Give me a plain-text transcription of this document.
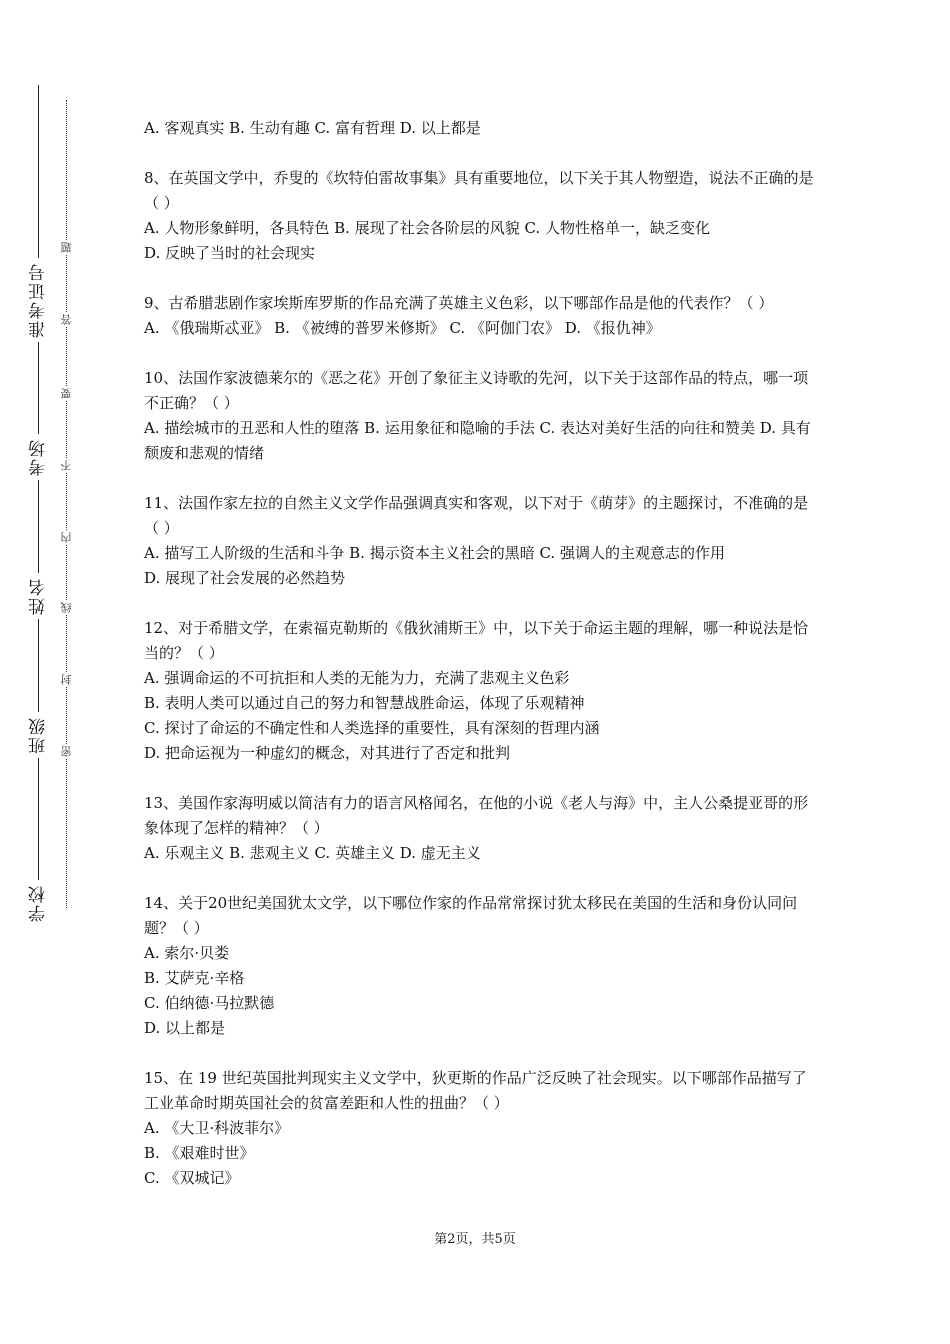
准考证号
考场
姓名
班级
学校
题
答
要
不
内
线
封
密

A. 客观真实 B. 生动有趣 C. 富有哲理 D. 以上都是

8、在英国文学中，乔叟的《坎特伯雷故事集》具有重要地位，以下关于其人物塑造，说法不正确的是（ ）

A. 人物形象鲜明，各具特色 B. 展现了社会各阶层的风貌 C. 人物性格单一，缺乏变化

D. 反映了当时的社会现实

9、古希腊悲剧作家埃斯库罗斯的作品充满了英雄主义色彩，以下哪部作品是他的代表作？（ ）

A. 《俄瑞斯忒亚》 B. 《被缚的普罗米修斯》 C. 《阿伽门农》 D. 《报仇神》

10、法国作家波德莱尔的《恶之花》开创了象征主义诗歌的先河，以下关于这部作品的特点，哪一项不正确？（ ）

A. 描绘城市的丑恶和人性的堕落 B. 运用象征和隐喻的手法 C. 表达对美好生活的向往和赞美 D. 具有颓废和悲观的情绪

11、法国作家左拉的自然主义文学作品强调真实和客观，以下对于《萌芽》的主题探讨，不准确的是（ ）

A. 描写工人阶级的生活和斗争 B. 揭示资本主义社会的黑暗 C. 强调人的主观意志的作用

D. 展现了社会发展的必然趋势

12、对于希腊文学，在索福克勒斯的《俄狄浦斯王》中，以下关于命运主题的理解，哪一种说法是恰当的？（ ）

A. 强调命运的不可抗拒和人类的无能为力，充满了悲观主义色彩

B. 表明人类可以通过自己的努力和智慧战胜命运，体现了乐观精神

C. 探讨了命运的不确定性和人类选择的重要性，具有深刻的哲理内涵

D. 把命运视为一种虚幻的概念，对其进行了否定和批判

13、美国作家海明威以简洁有力的语言风格闻名，在他的小说《老人与海》中，主人公桑提亚哥的形象体现了怎样的精神？（ ）

A. 乐观主义 B. 悲观主义 C. 英雄主义 D. 虚无主义

14、关于20世纪美国犹太文学，以下哪位作家的作品常常探讨犹太移民在美国的生活和身份认同问题？（ ）

A. 索尔·贝娄

B. 艾萨克·辛格

C. 伯纳德·马拉默德

D. 以上都是

15、在 19 世纪英国批判现实主义文学中，狄更斯的作品广泛反映了社会现实。以下哪部作品描写了工业革命时期英国社会的贫富差距和人性的扭曲？（ ）

A. 《大卫·科波菲尔》

B. 《艰难时世》

C. 《双城记》

第2页，共5页
